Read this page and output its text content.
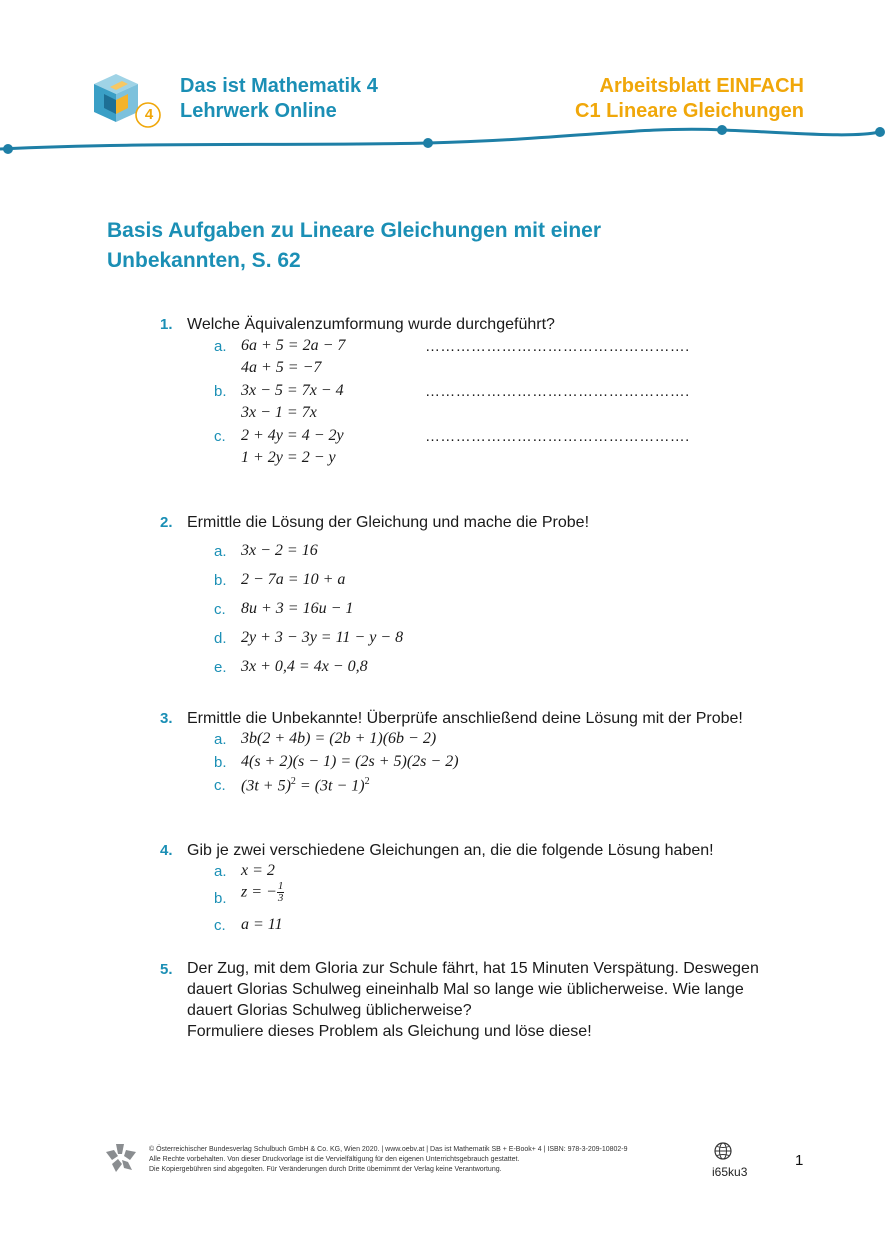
4
Das ist Mathematik 4
Lehrwerk Online
Arbeitsblatt EINFACH
C1 Lineare Gleichungen
Basis Aufgaben zu Lineare Gleichungen mit einer
Unbekannten, S. 62
1. Welche Äquivalenzumformung wurde durchgeführt?
a. 6a + 5 = 2a − 7
4a + 5 = −7
…………………………………………….
b. 3x − 5 = 7x − 4
3x − 1 = 7x
…………………………………………….
c. 2 + 4y = 4 − 2y
1 + 2y = 2 − y
…………………………………………….
2. Ermittle die Lösung der Gleichung und mache die Probe!
a. 3x − 2 = 16
b. 2 − 7a = 10 + a
c. 8u + 3 = 16u − 1
d. 2y + 3 − 3y = 11 − y − 8
e. 3x + 0,4 = 4x − 0,8
3. Ermittle die Unbekannte! Überprüfe anschließend deine Lösung mit der Probe!
a. 3b(2 + 4b) = (2b + 1)(6b − 2)
b. 4(s + 2)(s − 1) = (2s + 5)(2s − 2)
c. $(3t + 5)^2 = (3t - 1)^2$
4. Gib je zwei verschiedene Gleichungen an, die die folgende Lösung haben!
a. x = 2
b. z = − $\frac{1}{3}$
c. a = 11
5. Der Zug, mit dem Gloria zur Schule fährt, hat 15 Minuten Verspätung. Deswegen
dauert Glorias Schulweg eineinhalb Mal so lange wie üblicherweise. Wie lange
dauert Glorias Schulweg üblicherweise?
Formuliere dieses Problem als Gleichung und löse diese!
© Österreichischer Bundesverlag Schulbuch GmbH & Co. KG, Wien 2020. | www.oebv.at | Das ist Mathematik SB + E-Book+ 4 | ISBN: 978-3-209-10802-9
Alle Rechte vorbehalten. Von dieser Druckvorlage ist die Vervielfältigung für den eigenen Unterrichtsgebrauch gestattet.
Die Kopiergebühren sind abgegolten. Für Veränderungen durch Dritte übernimmt der Verlag keine Verantwortung.	i65ku3
1
